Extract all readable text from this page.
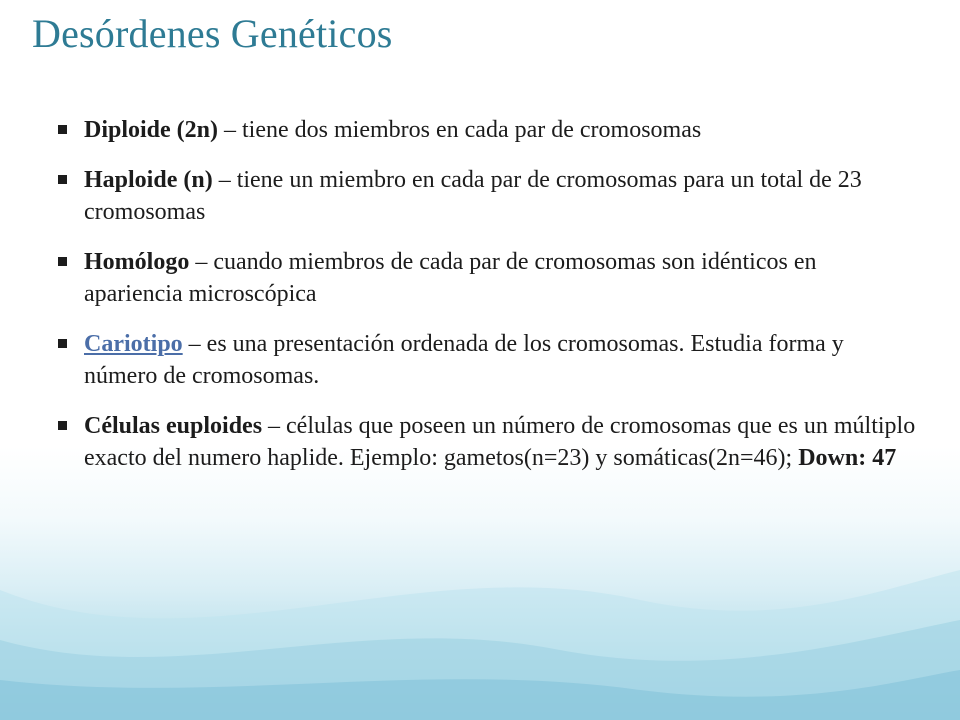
Desórdenes Genéticos
Diploide (2n) – tiene dos miembros en cada par de cromosomas
Haploide (n) – tiene un miembro en cada par de cromosomas para un total de 23 cromosomas
Homólogo – cuando miembros de cada par de cromosomas son idénticos en apariencia microscópica
Cariotipo – es una presentación ordenada de los cromosomas. Estudia forma y número de cromosomas.
Células euploides – células que poseen un número de cromosomas que es un múltiplo exacto del numero haplide. Ejemplo: gametos(n=23) y somáticas(2n=46); Down: 47
